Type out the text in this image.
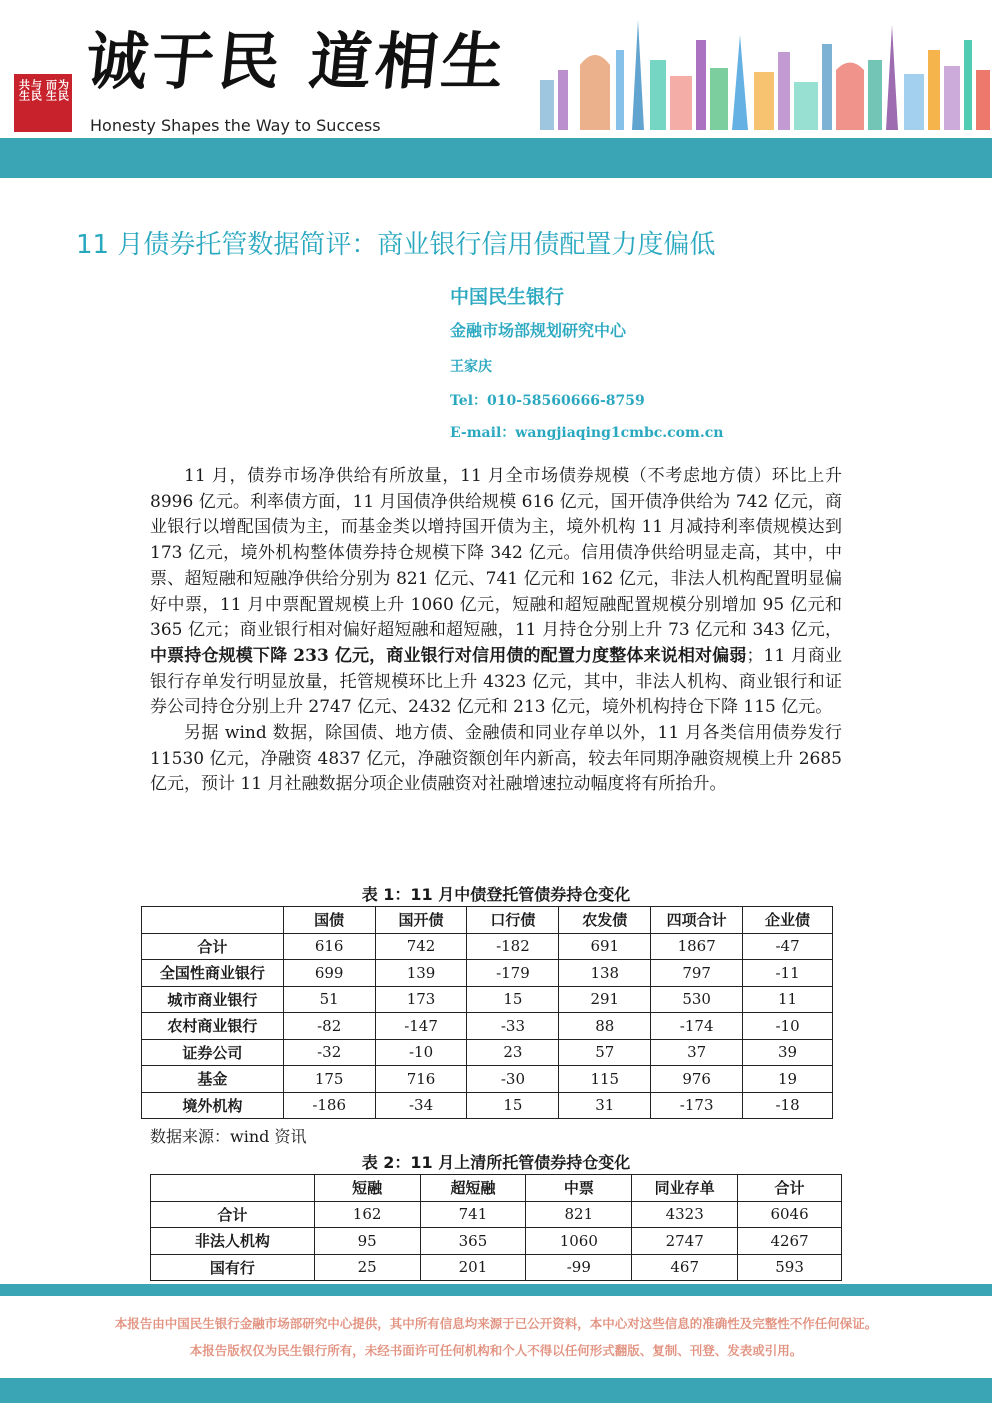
与民共生	为民而生 诚于民 道相生
Honesty Shapes the Way to Success
11 月债券托管数据简评：商业银行信用债配置力度偏低
中国民生银行
金融市场部规划研究中心
王家庆
Tel：010-58560666-8759
E-mail：wangjiaqing1cmbc.com.cn

11 月，债券市场净供给有所放量，11 月全市场债券规模（不考虑地方债）环比上升 8996 亿元。利率债方面，11 月国债净供给规模 616 亿元，国开债净供给为 742 亿元，商业银行以增配国债为主，而基金类以增持国开债为主，境外机构 11 月减持利率债规模达到 173 亿元，境外机构整体债券持仓规模下降 342 亿元。信用债净供给明显走高，其中，中票、超短融和短融净供给分别为 821 亿元、741 亿元和 162 亿元，非法人机构配置明显偏好中票，11 月中票配置规模上升 1060 亿元，短融和超短融配置规模分别增加 95 亿元和 365 亿元；商业银行相对偏好超短融和超短融，11 月持仓分别上升 73 亿元和 343 亿元，中票持仓规模下降 233 亿元，商业银行对信用债的配置力度整体来说相对偏弱；11 月商业银行存单发行明显放量，托管规模环比上升 4323 亿元，其中，非法人机构、商业银行和证券公司持仓分别上升 2747 亿元、2432 亿元和 213 亿元，境外机构持仓下降 115 亿元。

另据 wind 数据，除国债、地方债、金融债和同业存单以外，11 月各类信用债券发行 11530 亿元，净融资 4837 亿元，净融资额创年内新高，较去年同期净融资规模上升 2685 亿元，预计 11 月社融数据分项企业债融资对社融增速拉动幅度将有所抬升。

表 1：11 月中债登托管债券持仓变化
	国债	国开债	口行债	农发债	四项合计	企业债
合计	616	742	-182	691	1867	-47
全国性商业银行	699	139	-179	138	797	-11
城市商业银行	51	173	15	291	530	11
农村商业银行	-82	-147	-33	88	-174	-10
证券公司	-32	-10	23	57	37	39
基金	175	716	-30	115	976	19
境外机构	-186	-34	15	31	-173	-18
数据来源：wind 资讯
表 2：11 月上清所托管债券持仓变化
	短融	超短融	中票	同业存单	合计
合计	162	741	821	4323	6046
非法人机构	95	365	1060	2747	4267
国有行	25	201	-99	467	593
本报告由中国民生银行金融市场部研究中心提供，其中所有信息均来源于已公开资料，本中心对这些信息的准确性及完整性不作任何保证。
本报告版权仅为民生银行所有，未经书面许可任何机构和个人不得以任何形式翻版、复制、刊登、发表或引用。
